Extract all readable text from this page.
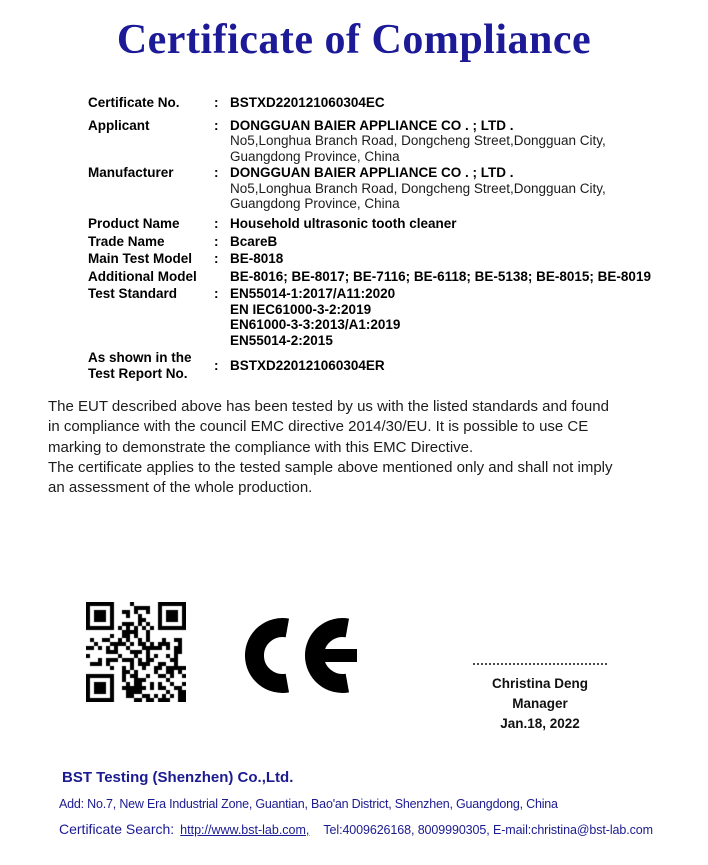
Certificate of Compliance
Certificate No.	: BSTXD220121060304EC
Applicant	: DONGGUAN BAIER APPLIANCE CO . ; LTD .
No5,Longhua Branch Road, Dongcheng Street,Dongguan City,
Guangdong Province, China
Manufacturer	: DONGGUAN BAIER APPLIANCE CO . ; LTD .
No5,Longhua Branch Road, Dongcheng Street,Dongguan City,
Guangdong Province, China
Product Name	: Household ultrasonic tooth cleaner
Trade Name	: BcareB
Main Test Model	: BE-8018
Additional Model	BE-8016; BE-8017; BE-7116; BE-6118; BE-5138; BE-8015; BE-8019
Test Standard	: EN55014-1:2017/A11:2020
EN IEC61000-3-2:2019
EN61000-3-3:2013/A1:2019
EN55014-2:2015
As shown in the
Test Report No.
: BSTXD220121060304ER
The EUT described above has been tested by us with the listed standards and found
in compliance with the council EMC directive 2014/30/EU. It is possible to use CE
marking to demonstrate the compliance with this EMC Directive.
The certificate applies to the tested sample above mentioned only and shall not imply
an assessment of the whole production.
Christina Deng
Manager
Jan.18, 2022
BST Testing (Shenzhen) Co.,Ltd.
Add: No.7, New Era Industrial Zone, Guantian, Bao'an District, Shenzhen, Guangdong, China
Certificate Search: http://www.bst-lab.com, Tel:4009626168, 8009990305, E-mail:christina@bst-lab.com
